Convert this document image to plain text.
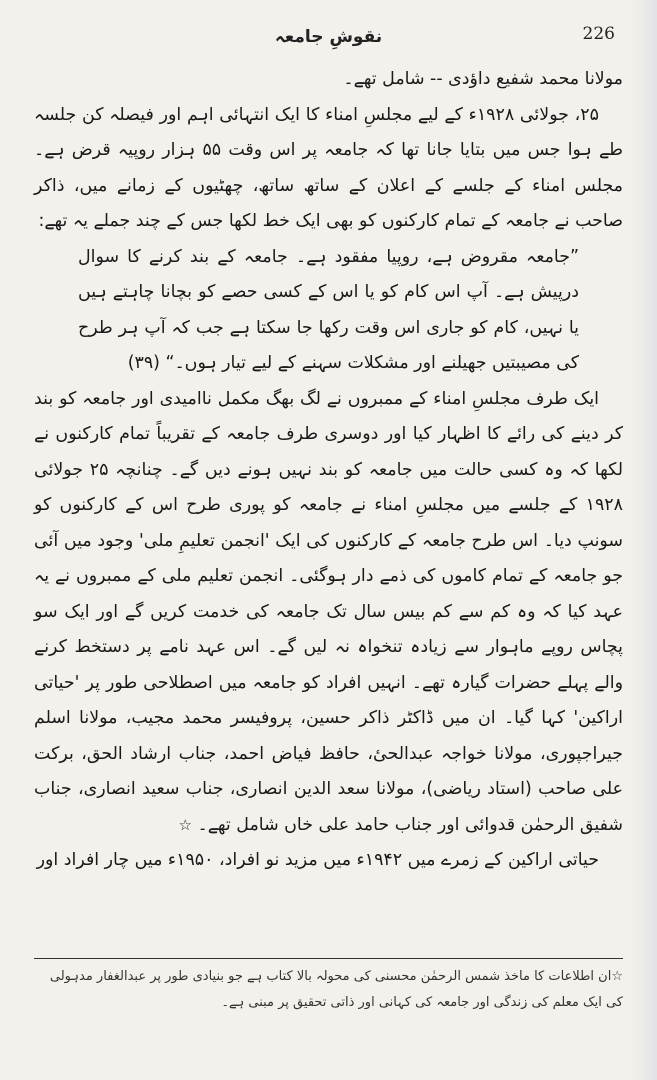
نقوشِ جامعہ	226

مولانا محمد شفیع داؤدی -- شامل تھے۔

۲۵، جولائی ۱۹۲۸ء کے لیے مجلسِ امناء کا ایک انتہائی اہم اور فیصلہ کن جلسہ طے ہوا جس میں بتایا جانا تھا کہ جامعہ پر اس وقت ۵۵ ہزار روپیہ قرض ہے۔ مجلس امناء کے جلسے کے اعلان کے ساتھ ساتھ، چھٹیوں کے زمانے میں، ذاکر صاحب نے جامعہ کے تمام کارکنوں کو بھی ایک خط لکھا جس کے چند جملے یہ تھے:

”جامعہ مقروض ہے، روپیا مفقود ہے۔ جامعہ کے بند کرنے کا سوال درپیش ہے۔ آپ اس کام کو یا اس کے کسی حصے کو بچانا چاہتے ہیں یا نہیں، کام کو جاری اس وقت رکھا جا سکتا ہے جب کہ آپ ہر طرح کی مصیبتیں جھیلنے اور مشکلات سہنے کے لیے تیار ہوں۔“ (۳۹)

ایک طرف مجلسِ امناء کے ممبروں نے لگ بھگ مکمل ناامیدی اور جامعہ کو بند کر دینے کی رائے کا اظہار کیا اور دوسری طرف جامعہ کے تقریباً تمام کارکنوں نے لکھا کہ وہ کسی حالت میں جامعہ کو بند نہیں ہونے دیں گے۔ چنانچہ ۲۵ جولائی ۱۹۲۸ کے جلسے میں مجلسِ امناء نے جامعہ کو پوری طرح اس کے کارکنوں کو سونپ دیا۔ اس طرح جامعہ کے کارکنوں کی ایک 'انجمن تعلیمِ ملی' وجود میں آئی جو جامعہ کے تمام کاموں کی ذمے دار ہوگئی۔ انجمن تعلیم ملی کے ممبروں نے یہ عہد کیا کہ وہ کم سے کم بیس سال تک جامعہ کی خدمت کریں گے اور ایک سو پچاس روپے ماہوار سے زیادہ تنخواہ نہ لیں گے۔ اس عہد نامے پر دستخط کرنے والے پہلے حضرات گیارہ تھے۔ انہیں افراد کو جامعہ میں اصطلاحی طور پر 'حیاتی اراکین' کہا گیا۔ ان میں ڈاکٹر ذاکر حسین، پروفیسر محمد مجیب، مولانا اسلم جیراجپوری، مولانا خواجہ عبدالحیٔ، حافظ فیاض احمد، جناب ارشاد الحق، برکت علی صاحب (استاد ریاضی)، مولانا سعد الدین انصاری، جناب سعید انصاری، جناب شفیق الرحمٰن قدوائی اور جناب حامد علی خاں شامل تھے۔ ☆

حیاتی اراکین کے زمرے میں ۱۹۴۲ء میں مزید نو افراد، ۱۹۵۰ء میں چار افراد اور

☆ان اطلاعات کا ماخذ شمس الرحمٰن محسنی کی محولہ بالا کتاب ہے جو بنیادی طور پر عبدالغفار مدہولی کی ایک معلم کی زندگی اور جامعہ کی کہانی اور ذاتی تحقیق پر مبنی ہے۔
